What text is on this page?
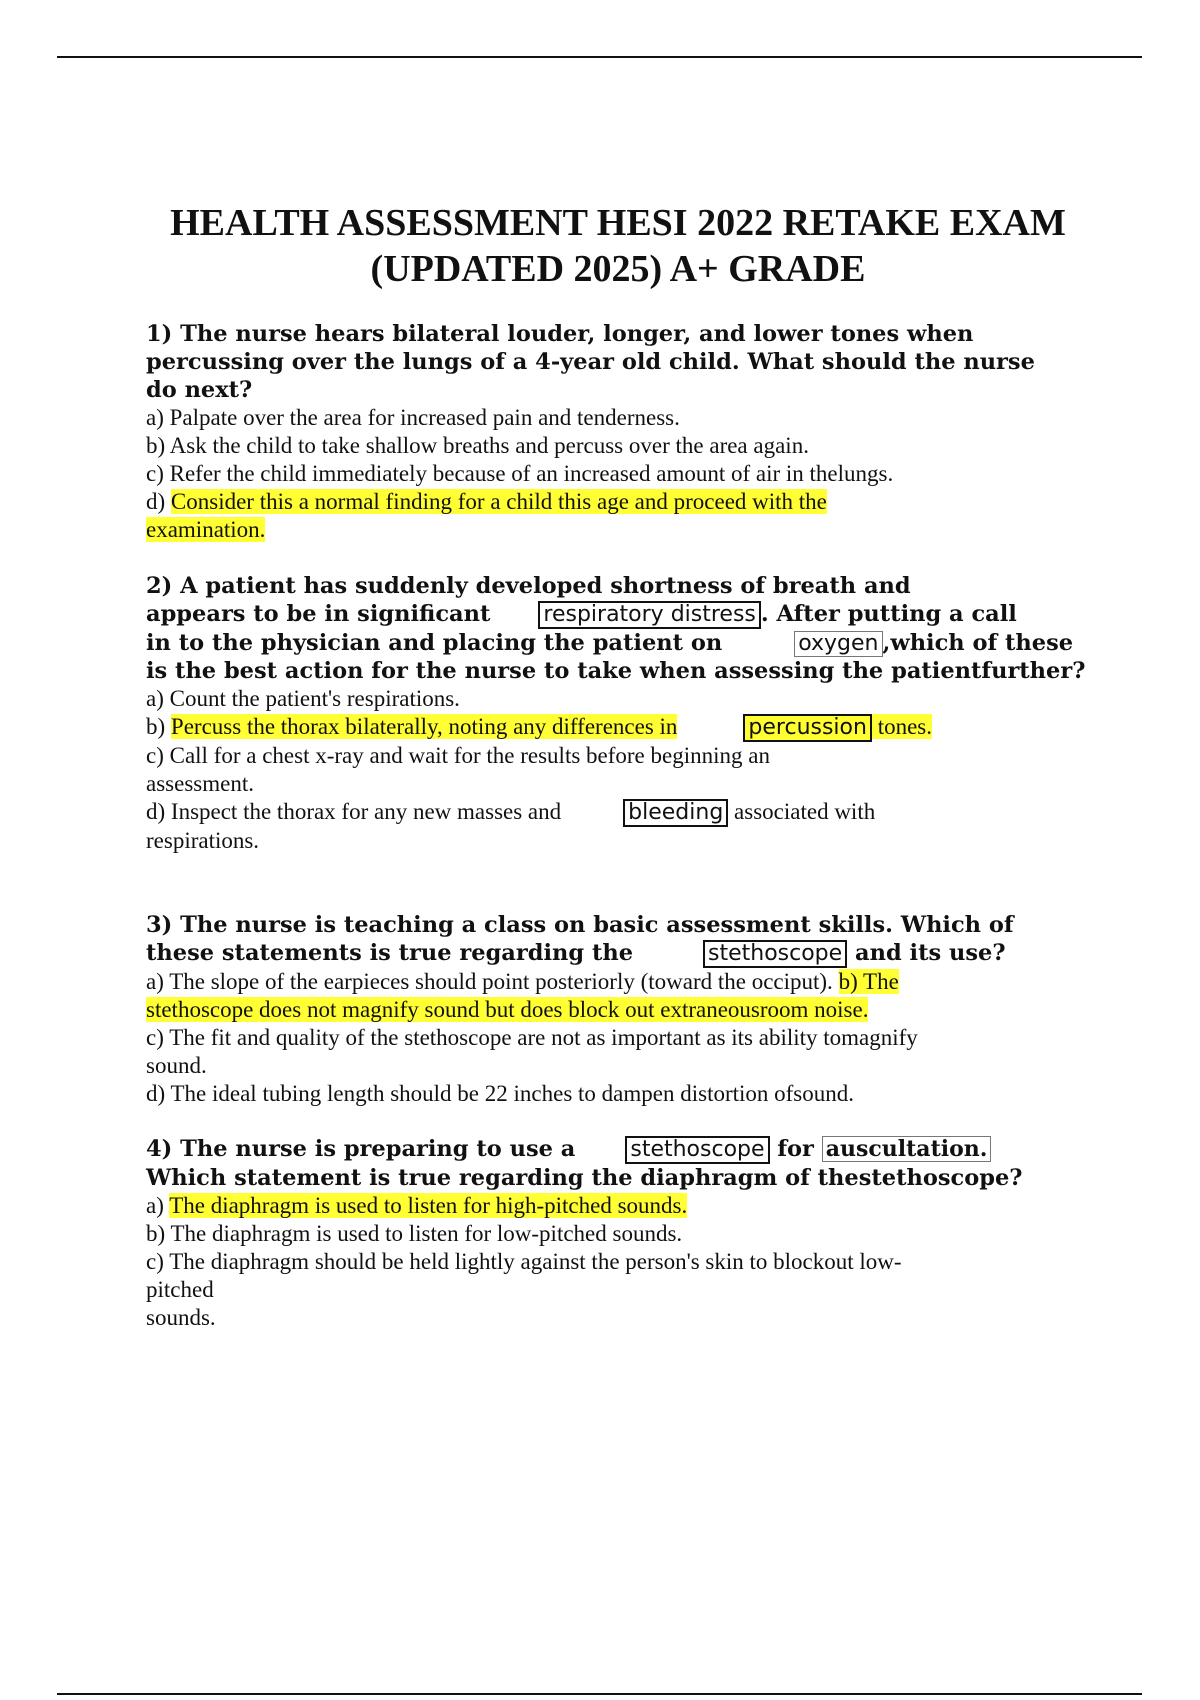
HEALTH ASSESSMENT HESI 2022 RETAKE EXAM
(UPDATED 2025) A+ GRADE

1) The nurse hears bilateral louder, longer, and lower tones when

percussing over the lungs of a 4-year old child. What should the nurse

do next?

a) Palpate over the area for increased pain and tenderness.

b) Ask the child to take shallow breaths and percuss over the area again.

c) Refer the child immediately because of an increased amount of air in thelungs.

d) Consider this a normal finding for a child this age and proceed with the

examination.

2) A patient has suddenly developed shortness of breath and

appears to be in significant respiratory distress . After putting a call

in to the physician and placing the patient on	oxygen ,which of these

is the best action for the nurse to take when assessing the patientfurther?

a) Count the patient's respirations.

b) Percuss the thorax bilaterally, noting any differences in	percussion tones.

c) Call for a chest x-ray and wait for the results before beginning an

assessment.

d) Inspect the thorax for any new masses and	bleeding associated with

respirations.

3) The nurse is teaching a class on basic assessment skills. Which of

these statements is true regarding the	stethoscope and its use?

a) The slope of the earpieces should point posteriorly (toward the occiput). b) The

stethoscope does not magnify sound but does block out extraneousroom noise.

c) The fit and quality of the stethoscope are not as important as its ability tomagnify

sound.

d) The ideal tubing length should be 22 inches to dampen distortion ofsound.

4) The nurse is preparing to use a	stethoscope for auscultation.

Which statement is true regarding the diaphragm of thestethoscope?

a) The diaphragm is used to listen for high-pitched sounds.

b) The diaphragm is used to listen for low-pitched sounds.

c) The diaphragm should be held lightly against the person's skin to blockout low-

pitched

sounds.
